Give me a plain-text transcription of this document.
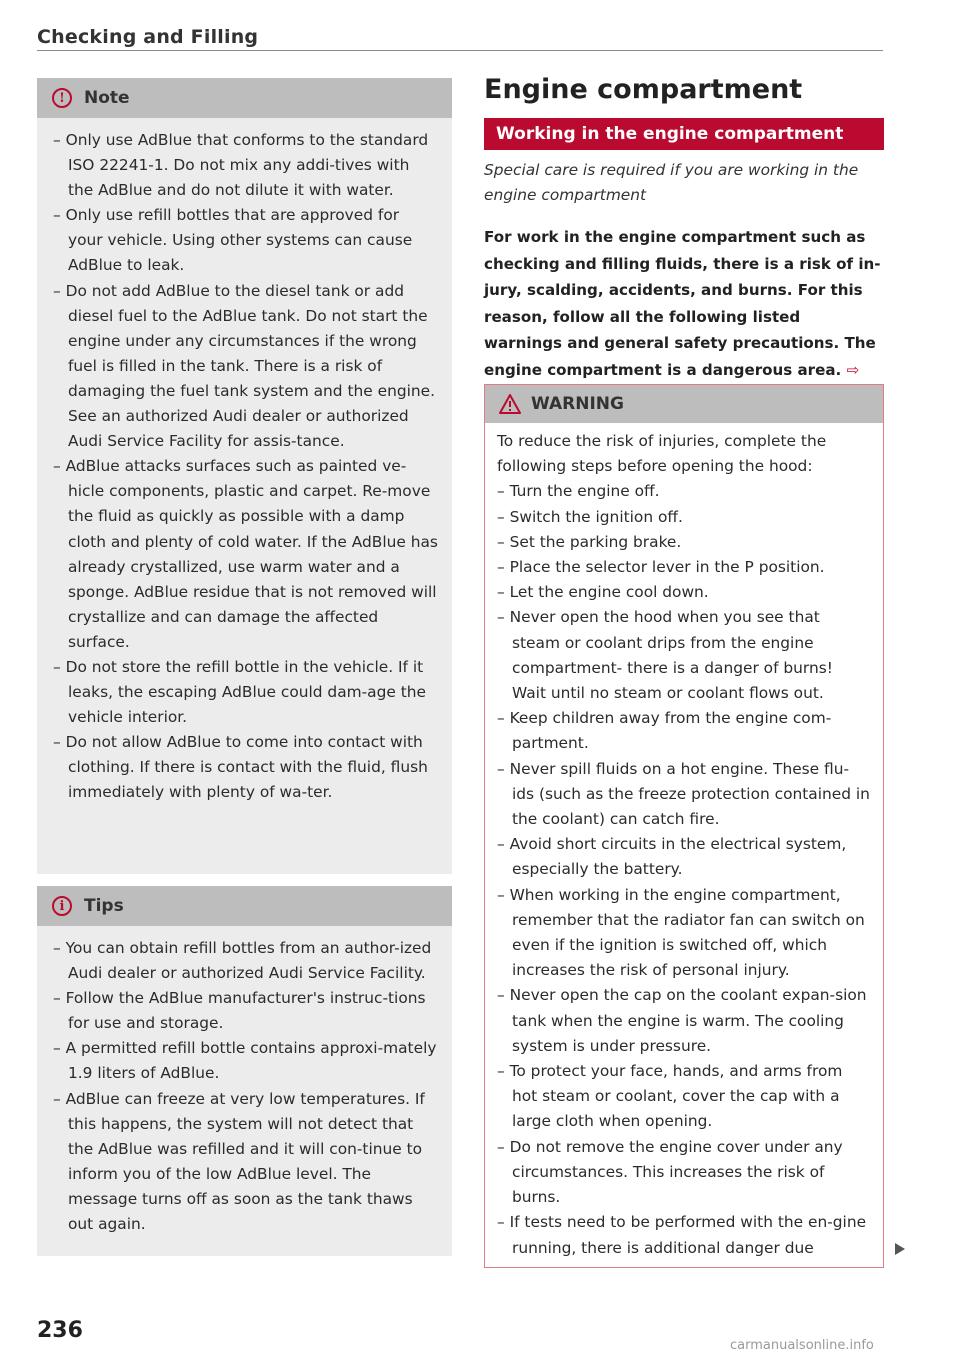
Checking and Filling
!	Note
– Only use AdBlue that conforms to the standard ISO 22241-1. Do not mix any addi-tives with the AdBlue and do not dilute it with water.
– Only use refill bottles that are approved for your vehicle. Using other systems can cause AdBlue to leak.
– Do not add AdBlue to the diesel tank or add diesel fuel to the AdBlue tank. Do not start the engine under any circumstances if the wrong fuel is filled in the tank. There is a risk of damaging the fuel tank system and the engine. See an authorized Audi dealer or authorized Audi Service Facility for assis-tance.
– AdBlue attacks surfaces such as painted ve-hicle components, plastic and carpet. Re-move the fluid as quickly as possible with a damp cloth and plenty of cold water. If the AdBlue has already crystallized, use warm water and a sponge. AdBlue residue that is not removed will crystallize and can damage the affected surface.
– Do not store the refill bottle in the vehicle. If it leaks, the escaping AdBlue could dam-age the vehicle interior.
– Do not allow AdBlue to come into contact with clothing. If there is contact with the fluid, flush immediately with plenty of wa-ter.
i	Tips
– You can obtain refill bottles from an author-ized Audi dealer or authorized Audi Service Facility.
– Follow the AdBlue manufacturer's instruc-tions for use and storage.
– A permitted refill bottle contains approxi-mately 1.9 liters of AdBlue.
– AdBlue can freeze at very low temperatures. If this happens, the system will not detect that the AdBlue was refilled and it will con-tinue to inform you of the low AdBlue level. The message turns off as soon as the tank thaws out again.
236
Engine compartment
Working in the engine compartment
Special care is required if you are working in the engine compartment
For work in the engine compartment such as checking and filling fluids, there is a risk of in-jury, scalding, accidents, and burns. For this reason, follow all the following listed warnings and general safety precautions. The engine compartment is a dangerous area. ⇨
WARNING

To reduce the risk of injuries, complete the following steps before opening the hood:

– Turn the engine off.
– Switch the ignition off.
– Set the parking brake.
– Place the selector lever in the P position.
– Let the engine cool down.
– Never open the hood when you see that steam or coolant drips from the engine compartment- there is a danger of burns! Wait until no steam or coolant flows out.
– Keep children away from the engine com-partment.
– Never spill fluids on a hot engine. These flu-ids (such as the freeze protection contained in the coolant) can catch fire.
– Avoid short circuits in the electrical system, especially the battery.
– When working in the engine compartment, remember that the radiator fan can switch on even if the ignition is switched off, which increases the risk of personal injury.
– Never open the cap on the coolant expan-sion tank when the engine is warm. The cooling system is under pressure.
– To protect your face, hands, and arms from hot steam or coolant, cover the cap with a large cloth when opening.
– Do not remove the engine cover under any circumstances. This increases the risk of burns.
– If tests need to be performed with the en-gine running, there is additional danger due
carmanualsonline.info
